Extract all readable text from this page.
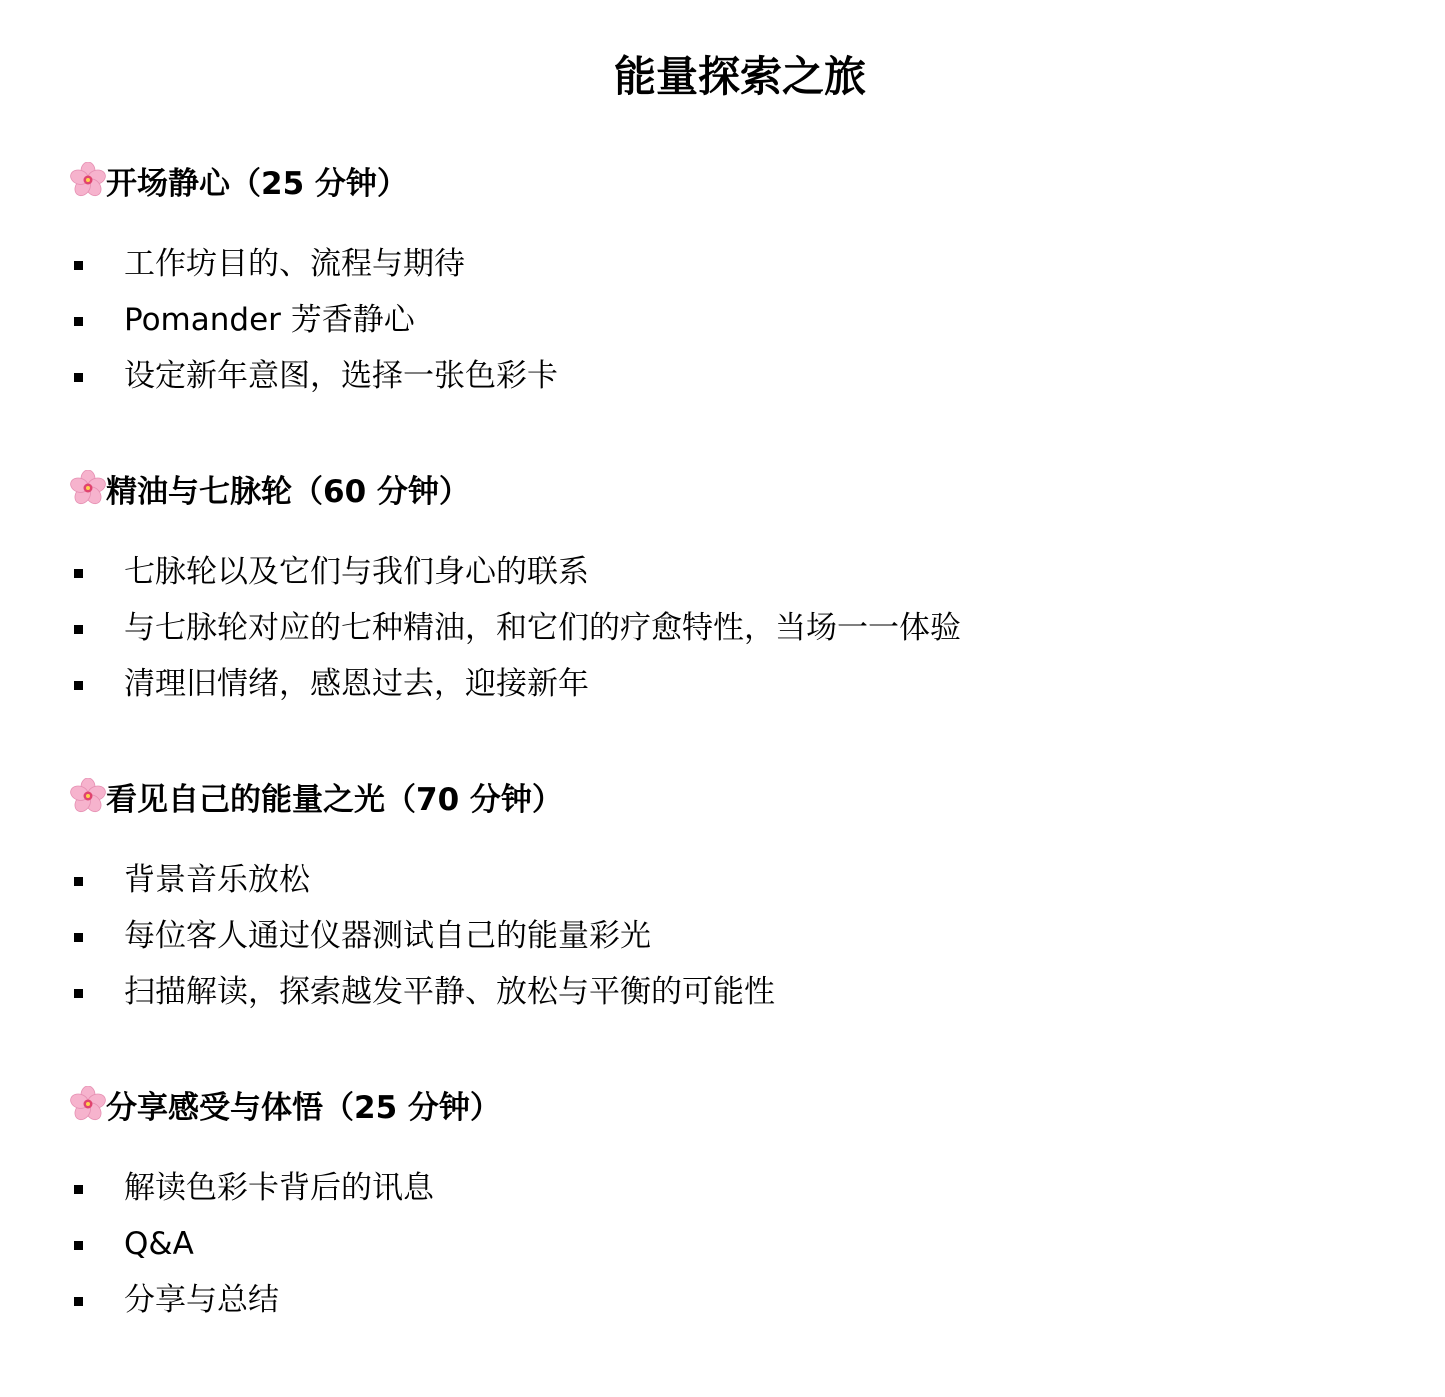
能量探索之旅
开场静心（25 分钟）
工作坊目的、流程与期待
Pomander 芳香静心
设定新年意图，选择一张色彩卡
精油与七脉轮（60 分钟）
七脉轮以及它们与我们身心的联系
与七脉轮对应的七种精油，和它们的疗愈特性，当场一一体验
清理旧情绪，感恩过去，迎接新年
看见自己的能量之光（70 分钟）
背景音乐放松
每位客人通过仪器测试自己的能量彩光
扫描解读，探索越发平静、放松与平衡的可能性
分享感受与体悟（25 分钟）
解读色彩卡背后的讯息
Q&A
分享与总结
